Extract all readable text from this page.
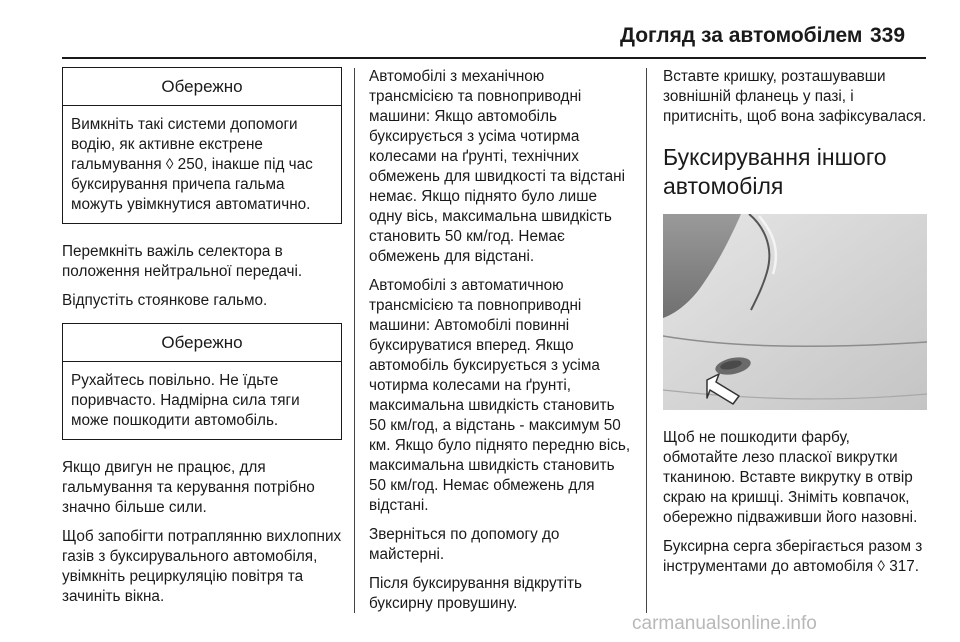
Догляд за автомобілем 339
Обережно
Вимкніть такі системи допомоги водію, як активне екстрене гальмування ◊ 250, інакше під час буксирування причепа гальма можуть увімкнутися автоматично.

Перемкніть важіль селектора в положення нейтральної передачі.

Відпустіть стоянкове гальмо.

Обережно
Рухайтесь повільно. Не їдьте поривчасто. Надмірна сила тяги може пошкодити автомобіль.

Якщо двигун не працює, для гальмування та керування потрібно значно більше сили.

Щоб запобігти потраплянню вихлопних газів з буксирувального автомобіля, увімкніть рециркуляцію повітря та зачиніть вікна.

Автомобілі з механічною трансмісією та повноприводні машини: Якщо автомобіль буксирується з усіма чотирма колесами на ґрунті, технічних обмежень для швидкості та відстані немає. Якщо піднято було лише одну вісь, максимальна швидкість становить 50 км/год. Немає обмежень для відстані.

Автомобілі з автоматичною трансмісією та повноприводні машини: Автомобілі повинні буксируватися вперед. Якщо автомобіль буксирується з усіма чотирма колесами на ґрунті, максимальна швидкість становить 50 км/год, а відстань - максимум 50 км. Якщо було піднято передню вісь, максимальна швидкість становить 50 км/год. Немає обмежень для відстані.

Зверніться по допомогу до майстерні.

Після буксирування відкрутіть буксирну провушину.

Вставте кришку, розташувавши зовнішній фланець у пазі, і притисніть, щоб вона зафіксувалася.

Буксирування іншого автомобіля

Щоб не пошкодити фарбу, обмотайте лезо пласкої викрутки тканиною. Вставте викрутку в отвір скраю на кришці. Зніміть ковпачок, обережно підваживши його назовні.

Буксирна серга зберігається разом з інструментами до автомобіля ◊ 317.

carmanualsonline.info
